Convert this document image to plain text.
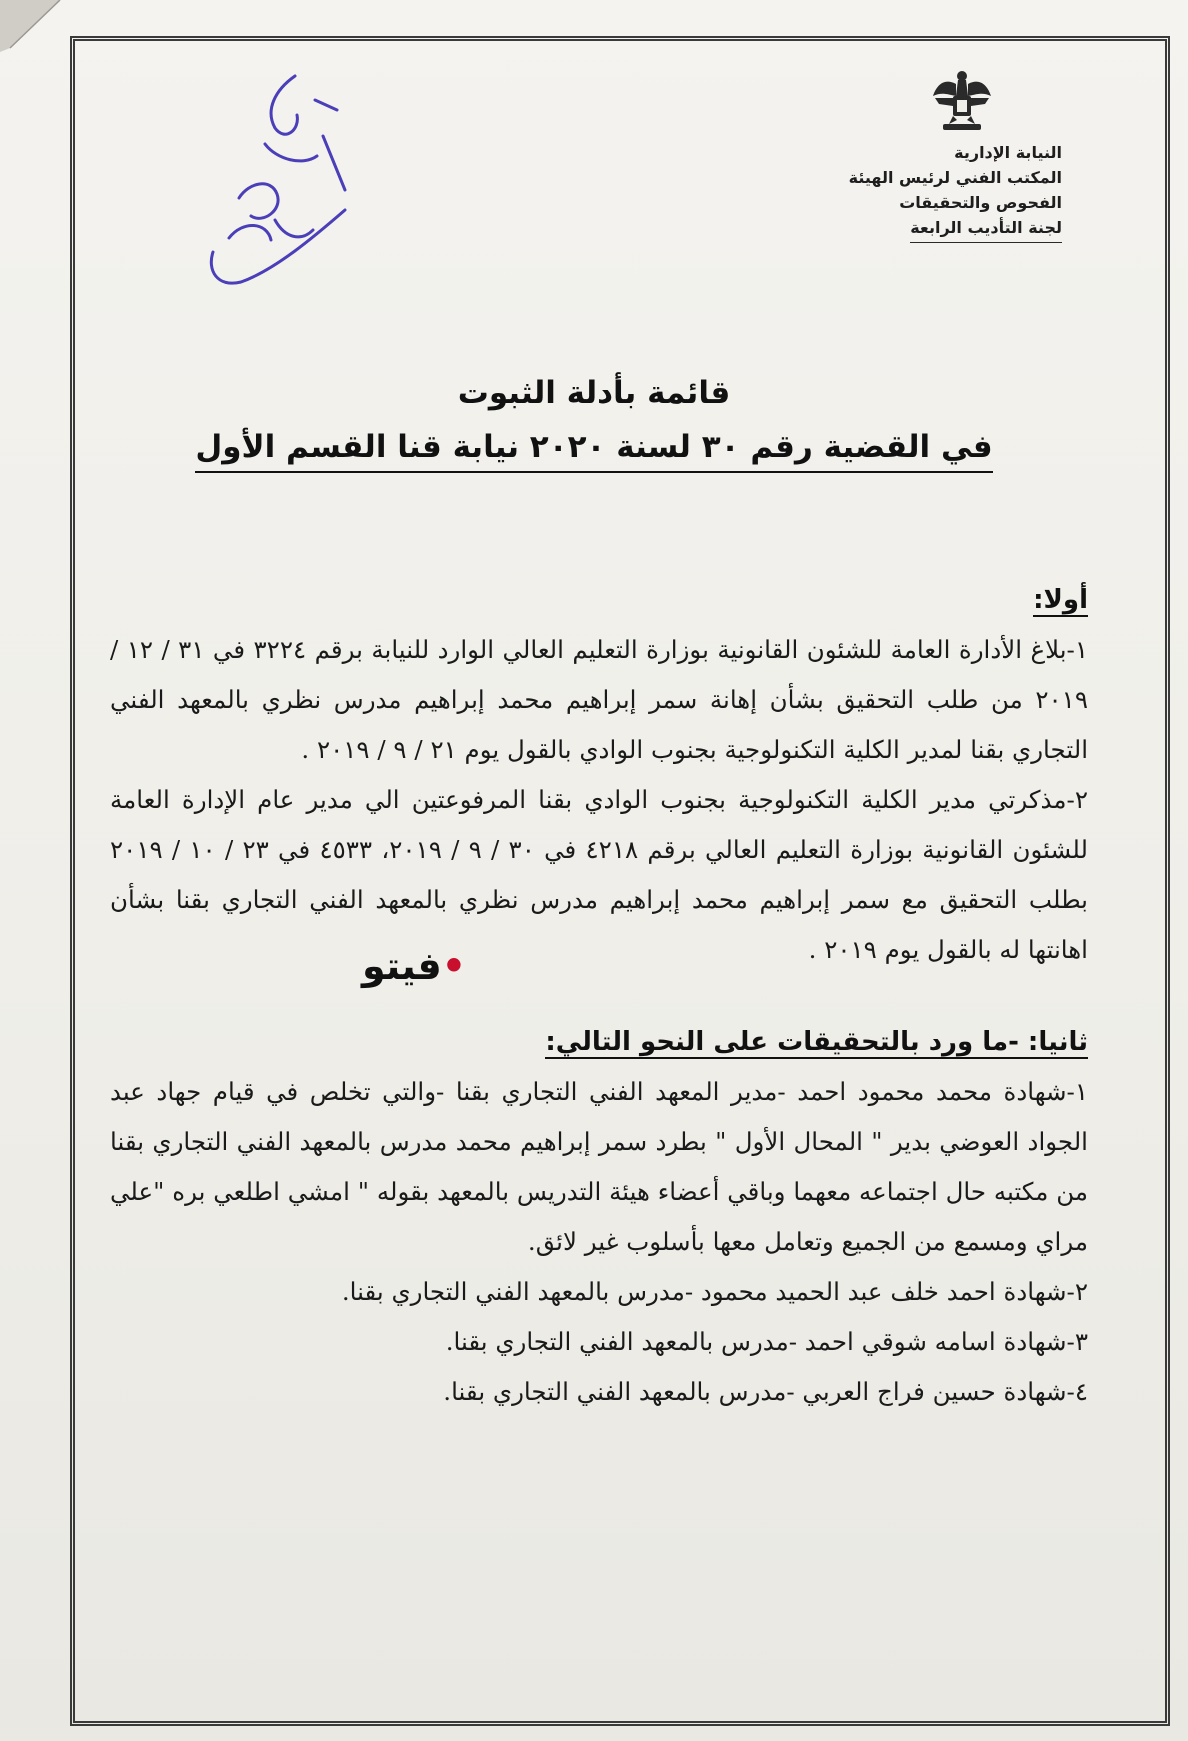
النيابة الإدارية
المكتب الفني لرئيس الهيئة
الفحوص والتحقيقات
لجنة التأديب الرابعة
قائمة بأدلة الثبوت
في القضية رقم ٣٠ لسنة ٢٠٢٠ نيابة قنا القسم الأول
أولا:

١-بلاغ الأدارة العامة للشئون القانونية بوزارة التعليم العالي الوارد للنيابة برقم ٣٢٢٤ في ٣١ / ١٢ / ٢٠١٩ من طلب التحقيق بشأن إهانة سمر إبراهيم محمد إبراهيم مدرس نظري بالمعهد الفني التجاري بقنا لمدير الكلية التكنولوجية بجنوب الوادي بالقول يوم ٢١ / ٩ / ٢٠١٩ .

٢-مذكرتي مدير الكلية التكنولوجية بجنوب الوادي بقنا المرفوعتين الي مدير عام الإدارة العامة للشئون القانونية بوزارة التعليم العالي برقم ٤٢١٨ في ٣٠ / ٩ / ٢٠١٩، ٤٥٣٣ في ٢٣ / ١٠ / ٢٠١٩ بطلب التحقيق مع سمر إبراهيم محمد إبراهيم مدرس نظري بالمعهد الفني التجاري بقنا بشأن اهانتها له بالقول يوم ٢٠١٩ .

ثانيا: -ما ورد بالتحقيقات على النحو التالي:

١-شهادة محمد محمود احمد -مدير المعهد الفني التجاري بقنا -والتي تخلص في قيام جهاد عبد الجواد العوضي بدير " المحال الأول " بطرد سمر إبراهيم محمد مدرس بالمعهد الفني التجاري بقنا من مكتبه حال اجتماعه معهما وباقي أعضاء هيئة التدريس بالمعهد بقوله " امشي اطلعي بره "علي مراي ومسمع من الجميع وتعامل معها بأسلوب غير لائق.

٢-شهادة احمد خلف عبد الحميد محمود -مدرس بالمعهد الفني التجاري بقنا.

٣-شهادة اسامه شوقي احمد -مدرس بالمعهد الفني التجاري بقنا.

٤-شهادة حسين فراج العربي -مدرس بالمعهد الفني التجاري بقنا.

فيتو•
